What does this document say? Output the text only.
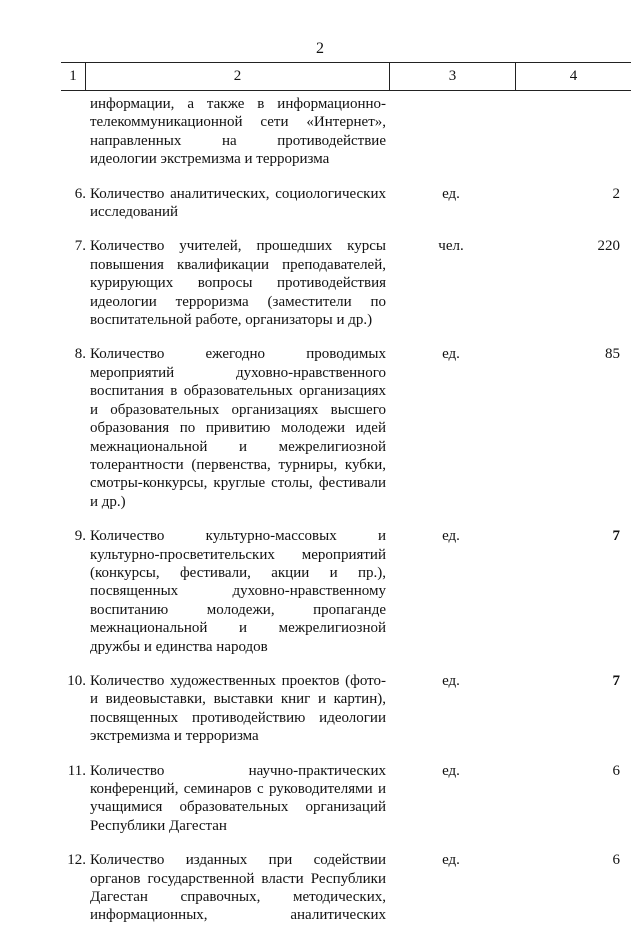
2
1	2	3	4
информации, а также в информационно-
телекоммуникационной сети «Интернет»,
направленных на противодействие
идеологии экстремизма и терроризма
6. Количество аналитических, социологических
исследований
ед.	2
7. Количество учителей, прошедших курсы
повышения квалификации преподавателей,
курирующих вопросы противодействия
идеологии терроризма (заместители по
воспитательной работе, организаторы и др.)
чел.	220
8. Количество ежегодно проводимых
мероприятий духовно-нравственного
воспитания в образовательных организациях
и образовательных организациях высшего
образования по привитию молодежи идей
межнациональной и межрелигиозной
толерантности (первенства, турниры, кубки,
смотры-конкурсы, круглые столы, фестивали
и др.)
ед.	85
9. Количество культурно-массовых и
культурно-просветительских мероприятий
(конкурсы, фестивали, акции и пр.),
посвященных духовно-нравственному
воспитанию молодежи, пропаганде
межнациональной и межрелигиозной
дружбы и единства народов
ед.	7
10. Количество художественных проектов (фото-
и видеовыставки, выставки книг и картин),
посвященных противодействию идеологии
экстремизма и терроризма
ед.	7
11. Количество научно-практических
конференций, семинаров с руководителями и
учащимися образовательных организаций
Республики Дагестан
ед.	6
12. Количество изданных при содействии
органов государственной власти Республики
Дагестан справочных, методических,
информационных, аналитических
ед.	6
